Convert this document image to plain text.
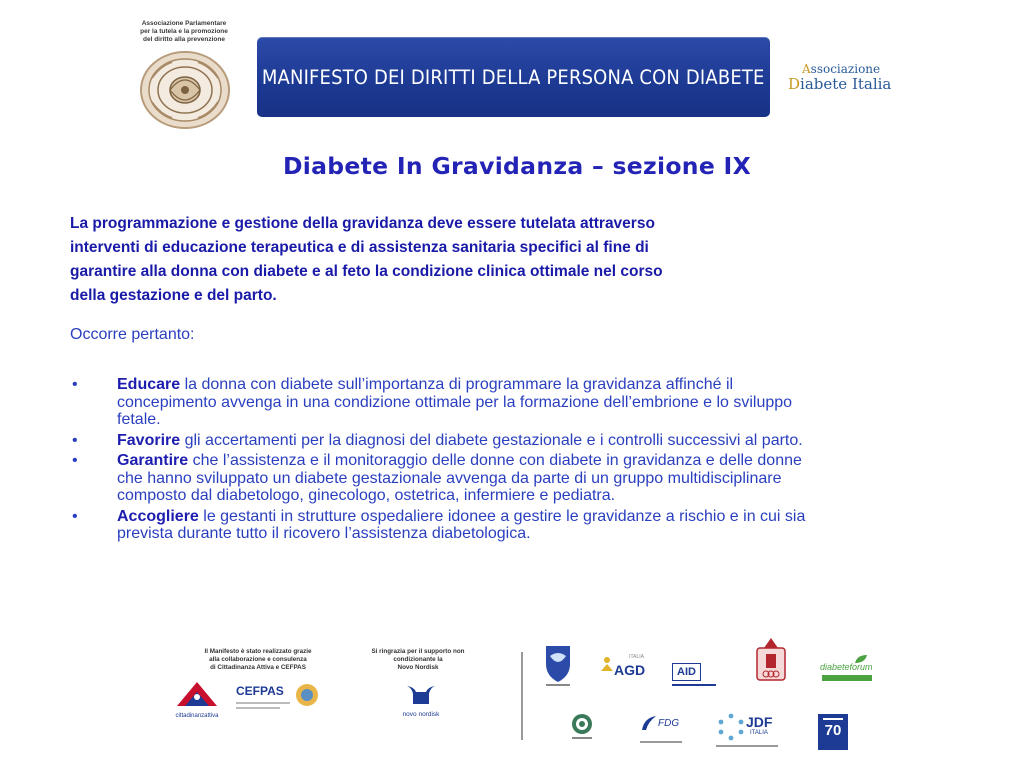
Associazione Parlamentare
per la tutela e la promozione
del diritto alla prevenzione
MANIFESTO DEI DIRITTI DELLA PERSONA CON DIABETE	Associazione
Diabete Italia
Diabete In Gravidanza – sezione IX
La programmazione e gestione della gravidanza deve essere tutelata attraverso
interventi di educazione terapeutica e di assistenza sanitaria specifici al fine di
garantire alla donna con diabete e al feto la condizione clinica ottimale nel corso
della gestazione e del parto.
Occorre pertanto:
• Educare la donna con diabete sull’importanza di programmare la gravidanza affinché il
concepimento avvenga in una condizione ottimale per la formazione dell’embrione e lo sviluppo
fetale.
• Favorire gli accertamenti per la diagnosi del diabete gestazionale e i controlli successivi al parto.
• Garantire che l’assistenza e il monitoraggio delle donne con diabete in gravidanza e delle donne
che hanno sviluppato un diabete gestazionale avvenga da parte di un gruppo multidisciplinare
composto dal diabetologo, ginecologo, ostetrica, infermiere e pediatra.
• Accogliere le gestanti in strutture ospedaliere idonee a gestire le gravidanze a rischio e in cui sia
prevista durante tutto il ricovero l’assistenza diabetologica.
Il Manifesto è stato realizzato grazie
alla collaborazione e consulenza
di Cittadinanza Attiva e CEFPAS
Si ringrazia per il supporto non
condizionante la
Novo Nordisk
cittadinanzattiva
CEFPAS
novo nordisk
ITALIA
AGD	AID	diabeteforum
FDG	JDF
ITALIA	70
